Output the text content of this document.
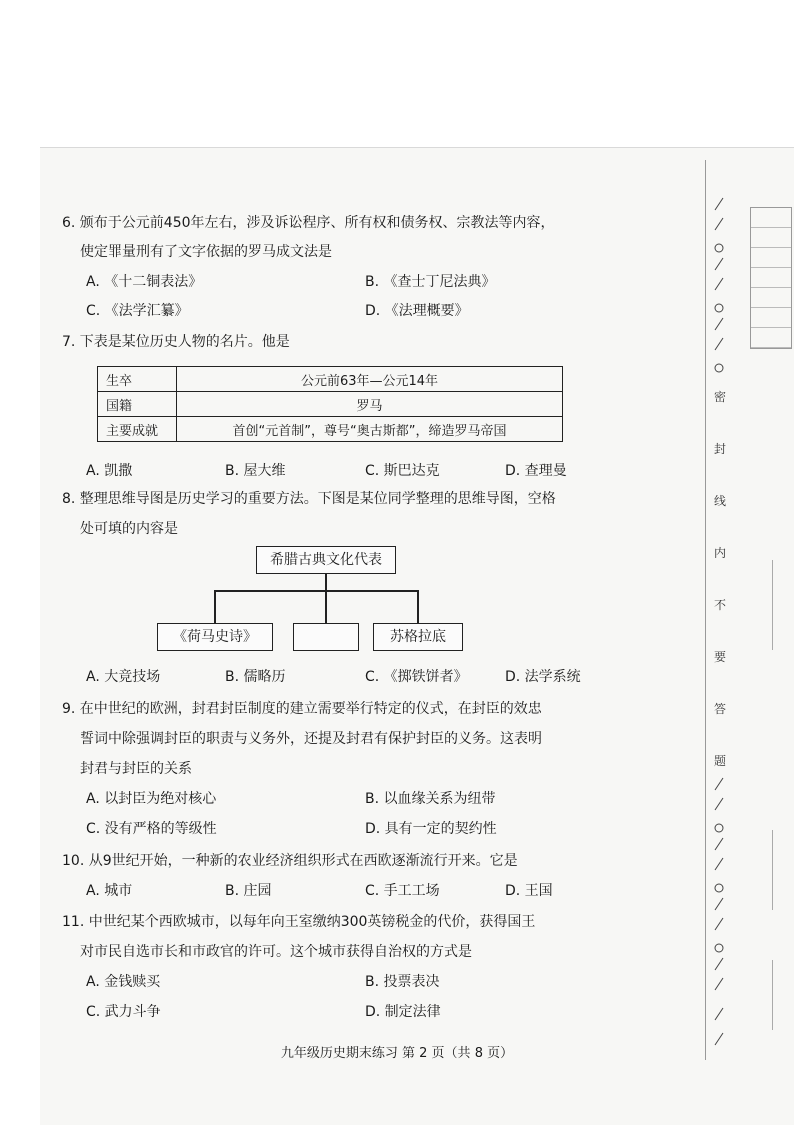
6. 颁布于公元前450年左右，涉及诉讼程序、所有权和债务权、宗教法等内容，
使定罪量刑有了文字依据的罗马成文法是
A. 《十二铜表法》	B. 《查士丁尼法典》
C. 《法学汇纂》	D. 《法理概要》
7. 下表是某位历史人物的名片。他是
生卒	公元前63年—公元14年
国籍	罗马
主要成就	首创“元首制”，尊号“奥古斯都”，缔造罗马帝国
A. 凯撒	B. 屋大维	C. 斯巴达克	D. 查理曼
8. 整理思维导图是历史学习的重要方法。下图是某位同学整理的思维导图，空格
处可填的内容是
希腊古典文化代表
《荷马史诗》	苏格拉底
A. 大竞技场	B. 儒略历	C. 《掷铁饼者》	D. 法学系统
9. 在中世纪的欧洲，封君封臣制度的建立需要举行特定的仪式，在封臣的效忠
誓词中除强调封臣的职责与义务外，还提及封君有保护封臣的义务。这表明
封君与封臣的关系
A. 以封臣为绝对核心	B. 以血缘关系为纽带
C. 没有严格的等级性	D. 具有一定的契约性
10. 从9世纪开始，一种新的农业经济组织形式在西欧逐渐流行开来。它是
A. 城市	B. 庄园	C. 手工工场	D. 王国
11. 中世纪某个西欧城市，以每年向王室缴纳300英镑税金的代价，获得国王
对市民自选市长和市政官的许可。这个城市获得自治权的方式是
A. 金钱赎买	B. 投票表决
C. 武力斗争	D. 制定法律
九年级历史期末练习 第 2 页（共 8 页）
密
封
线
内
不
要
答
题
